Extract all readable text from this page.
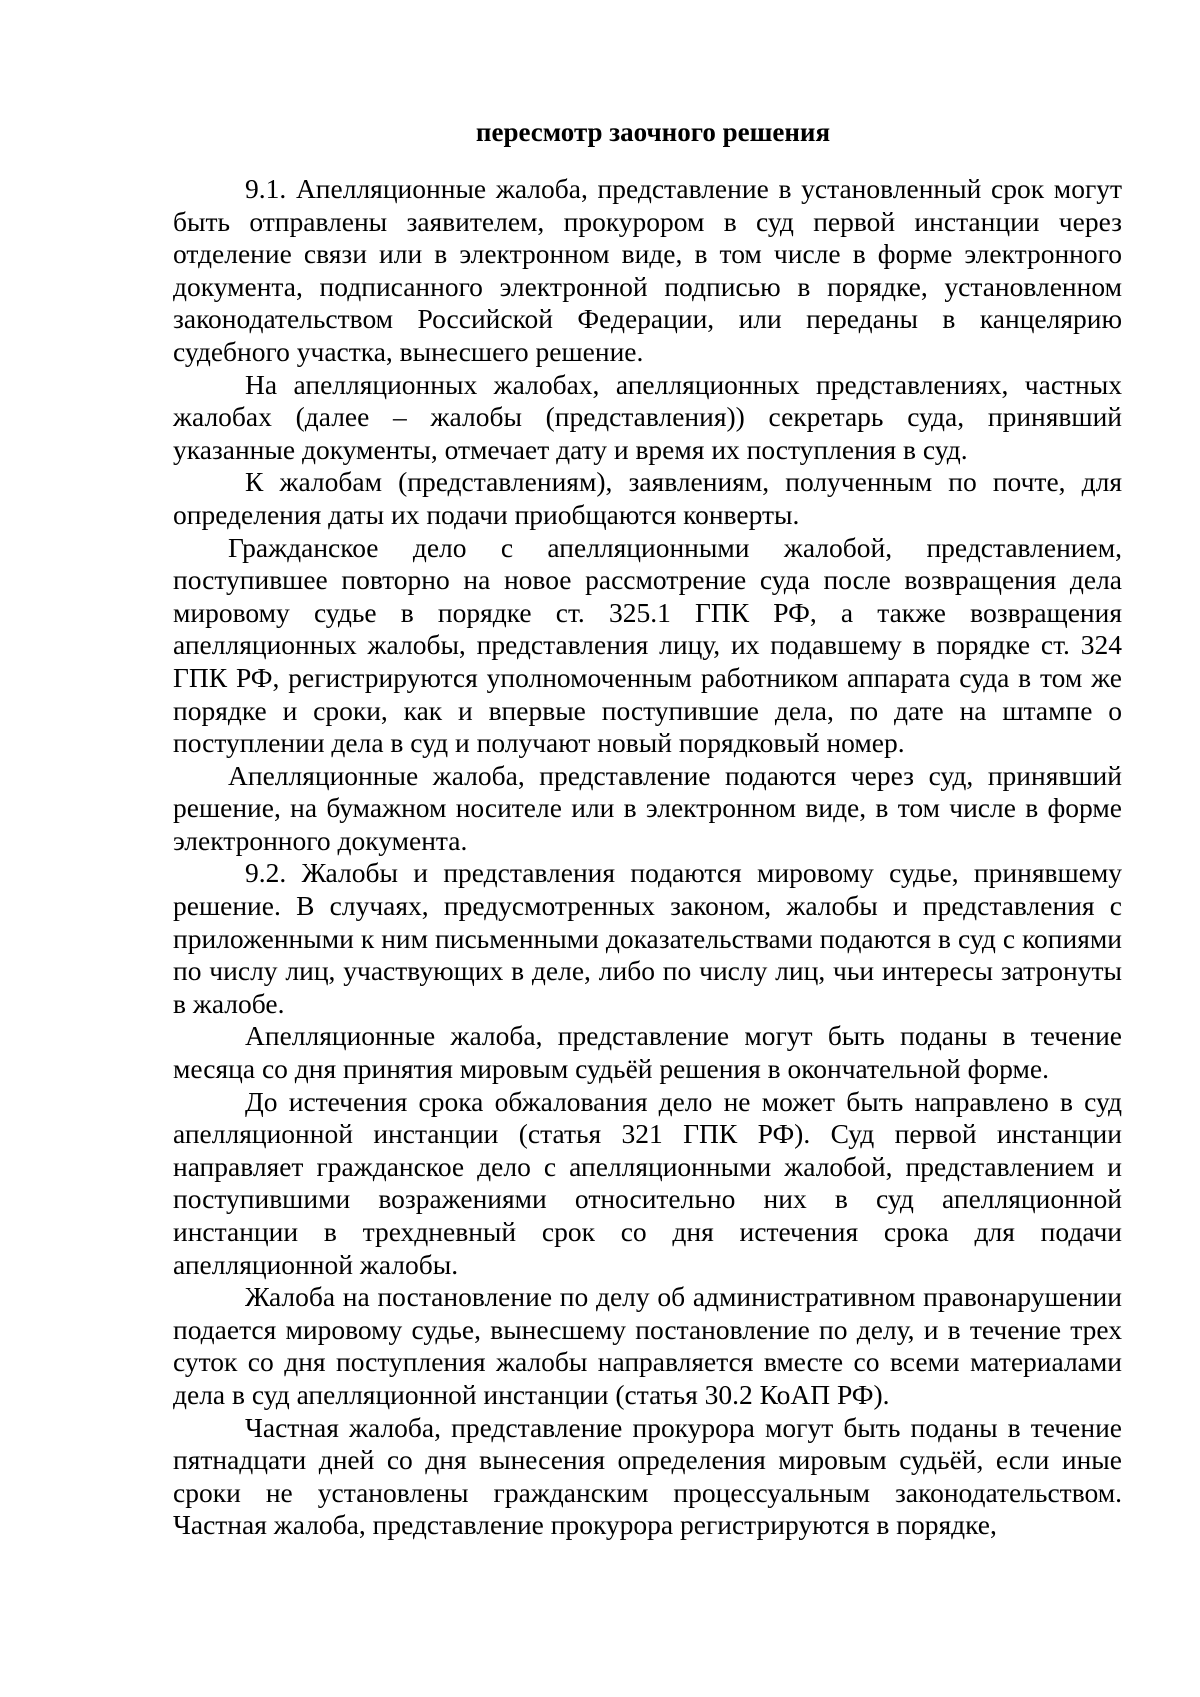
пересмотр заочного решения

9.1. Апелляционные жалоба, представление в установленный срок могут быть отправлены заявителем, прокурором в суд первой инстанции через отделение связи или в электронном виде, в том числе в форме электронного документа, подписанного электронной подписью в порядке, установленном законодательством Российской Федерации, или переданы в канцелярию судебного участка, вынесшего решение.

На апелляционных жалобах, апелляционных представлениях, частных жалобах (далее – жалобы (представления)) секретарь суда, принявший указанные документы, отмечает дату и время их поступления в суд.

К жалобам (представлениям), заявлениям, полученным по почте, для определения даты их подачи приобщаются конверты.

Гражданское дело с апелляционными жалобой, представлением, поступившее повторно на новое рассмотрение суда после возвращения дела мировому судье в порядке ст. 325.1 ГПК РФ, а также возвращения апелляционных жалобы, представления лицу, их подавшему в порядке ст. 324 ГПК РФ, регистрируются уполномоченным работником аппарата суда в том же порядке и сроки, как и впервые поступившие дела, по дате на штампе о поступлении дела в суд и получают новый порядковый номер.

Апелляционные жалоба, представление подаются через суд, принявший решение, на бумажном носителе или в электронном виде, в том числе в форме электронного документа.

9.2. Жалобы и представления подаются мировому судье, принявшему решение. В случаях, предусмотренных законом, жалобы и представления с приложенными к ним письменными доказательствами подаются в суд с копиями по числу лиц, участвующих в деле, либо по числу лиц, чьи интересы затронуты в жалобе.

Апелляционные жалоба, представление могут быть поданы в течение месяца со дня принятия мировым судьёй решения в окончательной форме.

До истечения срока обжалования дело не может быть направлено в суд апелляционной инстанции (статья 321 ГПК РФ). Суд первой инстанции направляет гражданское дело с апелляционными жалобой, представлением и поступившими возражениями относительно них в суд апелляционной инстанции в трехдневный срок со дня истечения срока для подачи апелляционной жалобы.

Жалоба на постановление по делу об административном правонарушении подается мировому судье, вынесшему постановление по делу, и в течение трех суток со дня поступления жалобы направляется вместе со всеми материалами дела в суд апелляционной инстанции (статья 30.2 КоАП РФ).

Частная жалоба, представление прокурора могут быть поданы в течение пятнадцати дней со дня вынесения определения мировым судьёй, если иные сроки не установлены гражданским процессуальным законодательством. Частная жалоба, представление прокурора регистрируются в порядке,
